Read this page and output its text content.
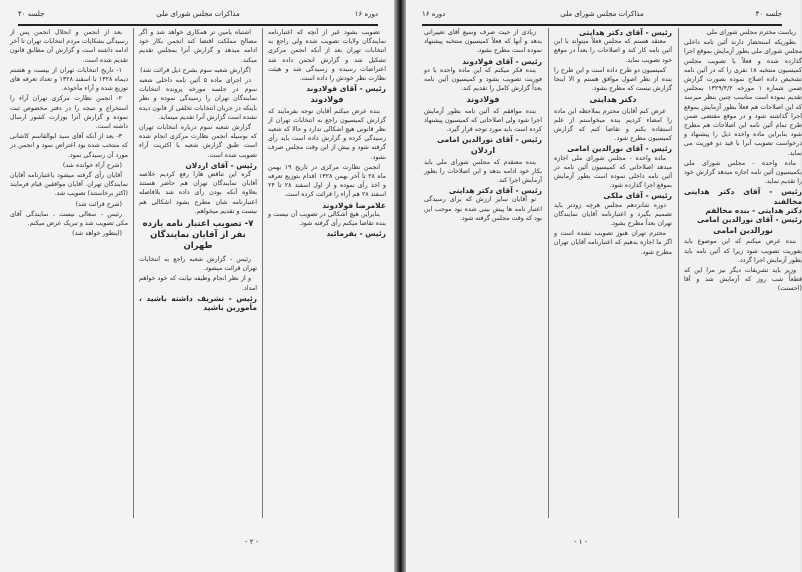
دوره ۱۶
مذاکرات مجلس شورای ملی
جلسه ۴۰

تصویب بشود غیر از آنچه که اعتبارنامه نمایندگان ولایات تصویب شده ولی راجع به انتخابات تهران بعد از آنکه انجمن مرکزی تشکیل شد و گزارش انجمن داده شد اعتراضات رسیده و رسیدگی شد و هیئت نظارت نظر خودش را داده است.

رئیس - آقای فولادوند
فولادوند

بنده عرض میکنم آقایان توجه بفرمایند که گزارش کمیسیون راجع به انتخابات تهران از نظر قانونی هیچ اشکالی ندارد و حالا که شعبه رسیدگی کرده و گزارش داده است باید رأی گرفته شود و بیش از این وقت مجلس صرف نشود.

انجمن نظارت مرکزی در تاریخ ۱۹ بهمن ماه ۲۸ تا آخر بهمن ۱۳۲۸ اقدام بتوزیع تعرفه و اخذ رأی نموده و از اول اسفند ۲۸ تا ۲۴ اسفند ۲۸ هم آراء را قرائت کرده است.

غلامرضا فولادوند

بنابراین هیچ اشکالی در تصویب آن نیست و بنده تقاضا میکنم رأی گرفته شود.

رئیس - بفرمائید

اشتباه یامین تر همکاری خواهد شد و اگر مصالح مملکت اقتضا کند انجمن بکار خود ادامه میدهد و گزارش آنرا بمجلس تقدیم میکند.

(گزارش شعبه سوم بشرح ذیل قرائت شد)

در اجرای ماده ۵ آئین نامه داخلی شعبه سوم در جلسه مورخه پرونده انتخابات نمایندگان تهران را رسیدگی نموده و نظر باینکه در جریان انتخابات تخلفی از قانون دیده نشده است گزارش آنرا تقدیم مینماید.

گزارش شعبه سوم درباره انتخابات تهران که بوسیله انجمن نظارت مرکزی انجام شده است طبق گزارش شعبه با اکثریت آراء تصویب شده است.

رئیس - آقای اردلان

گره این تناقض هارا رفع کردیم خلاصه آقایان نمایندگان تهران هم حاضر هستند بعلاوه آنکه بودن رأی داده شد بلافاصله اعتبارنامه شان مطرح بشود اشکالی هم نیست و تقدیم میخواهم.

۷- تصویب اعتبار نامه یازده نفر از آقایان نمایندگان طهران

رئیس - گزارش شعبه راجع به انتخابات تهران قرائت میشود.

و از نظر انجام وظیفه نیابت که خود خواهم امداد.

رئیس - تشریف داشته باشید ، مأمورین باشید

بعد از انجمن و انحلال انجمن پس از رسیدگی بشکایات مردم انتخابات تهران تا آخر ادامه داشته است و گزارش آن مطابق قانون تقدیم شده است.

۱- تاریخ انتخابات تهران از بیست و هشتم دیماه ۱۳۲۸ تا اسفند ۱۳۲۸ و تعداد تعرفه های توزیع شده و آراء مأخوذه.

۲- انجمن نظارت مرکزی تهران آراء را استخراج و نتیجه را در دفتر مخصوص ثبت نموده و گزارش آنرا بوزارت کشور ارسال داشته است.

۳- بعد از آنکه آقای سید ابوالقاسم کاشانی که منتخب شده بود اعتراض نمود و انجمن در مورد آن رسیدگی نمود.

(شرح آراء خوانده شد)

آقایان رأی گرفته میشود باعتبارنامه آقایان نمایندگان تهران. آقایان موافقین قیام فرمایند (اکثر برخاستند) تصویب شد.

(شرح قرائت شد)

رئیس - سعالی نیست ، نمایندگی آقای مکی تصویب شد و تبریک عرض میکنم.

(اینطور خواهد شد)

- ۲ -
جلسه ۴۰
مذاکرات مجلس شورای ملی
دوره ۱۶

زیادی از حیث صرف وسیع آقای تغییراتی بدهد و آنها که فعلاً کمیسیون منتخبه پیشنهاد نموده است مطرح بشود.

رئیس - آقای فولادوند

بنده فکر میکنم که این ماده واحده با دو فوریت تصویب بشود و کمیسیون آئین نامه بعداً گزارش کامل را تقدیم کند.

فولادوند

بنده موافقم که آئین نامه بطور آزمایش اجرا شود ولی اصلاحاتی که کمیسیون پیشنهاد کرده است باید مورد توجه قرار گیرد.

رئیس - آقای نورالدین امامی
اردلان

بنده معتقدم که مجلس شورای ملی باید بکار خود ادامه بدهد و این اصلاحات را بطور آزمایش اجرا کند.

رئیس - آقای دکتر هدایتی

نو آقایان سایر ارزش که برای رسیدگی اعتبار نامه ها پیش بینی شده بود موجب این بود که وقت مجلس گرفته شود.

رئیس - آقای دکتر هدایتی

معتقد هستم که مجلس فعلاً میتواند با این آئین نامه کار کند و اصلاحات را بعداً در موقع خود تصویب نماید.

کمیسیون دو طرح داده است و این طرح را بنده از نظر اصول موافق هستم و الا اینجا گزارش نیست که مطرح بشود.

دکتر هدایتی

عرض کنم آقایان محترم بملاحظه این ماده را امضاء کردیم بنده میخواستم از علم استفاده بکنم و تقاضا کنم که گزارش کمیسیون مطرح شود.

رئیس - آقای نورالدین امامی

ماده واحده - مجلس شورای ملی اجازه میدهد اصلاحاتی که کمیسیون آئین نامه در آئین نامه داخلی نموده است بطور آزمایش بموقع اجرا گذارده شود.

رئیس - آقای ملکی

دوره شانزدهم مجلس هرچه زودتر باید تصمیم بگیرد و اعتبارنامه آقایان نمایندگان تهران بعداً مطرح بشود.

محترم تهران هنوز تصویب نشده است و اگر ما اجازه بدهیم که اعتبارنامه آقایان تهران مطرح شود.

ریاست محترم مجلس شورای ملی

بطوریکه استحضار دارند آئین نامه داخلی مجلس شورای ملی بطور آزمایش بموقع اجرا گذارده شده و فعلاً با تصویب مجلس کمیسیون منتخبه ۱۸ نفری را که در آئین نامه تشخیص داده اصلاح نموده بصورت گزارش ضمن شماره ۱ مورخه ۱۳۲۹/۴/۲ بمجلس تقدیم نموده است مناسب چنین بنظر میرسد که این اصلاحات هم فعلاً بطور آزمایش بموقع اجرا گذاشته شود و در موقع مقتضی ضمن طرح تمام آئین نامه این اصلاحات هم مطرح شود بنابراین ماده واحده ذیل را پیشنهاد و درخواست تصویب آنرا با قید دو فوریت می نماید.

ماده واحده - مجلس شورای ملی بکمیسیون آئین نامه اجازه میدهد گزارش خود را تقدیم نماید.

رئیس - آقای دکتر هدایتی مخالفند
دکتر هدایتی - بنده مخالفم
رئیس - آقای نورالدین امامی
نورالدین امامی

بنده عرض میکنم که این موضوع باید بفوریت تصویب شود زیرا که آئین نامه باید بطور آزمایش اجرا گردد.

وزیر باید تشریفات دیگر نیز مرا این که قطعاً شب روز که آزمایش شد و آقا (احسنت)

- ۱ -
